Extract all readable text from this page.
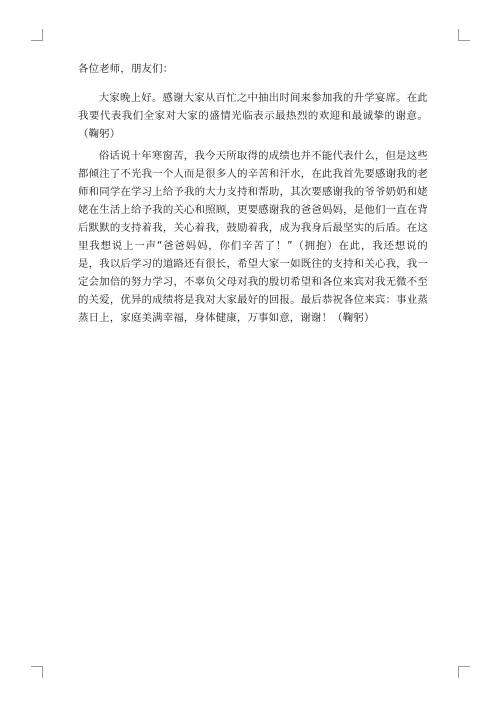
各位老师，朋友们：

大家晚上好。感谢大家从百忙之中抽出时间来参加我的升学宴席。在此我要代表我们全家对大家的盛情光临表示最热烈的欢迎和最诚挚的谢意。（鞠躬）

俗话说十年寒窗苦，我今天所取得的成绩也并不能代表什么，但是这些都倾注了不光我一个人而是很多人的辛苦和汗水，在此我首先要感谢我的老师和同学在学习上给予我的大力支持和帮助，其次要感谢我的爷爷奶奶和姥姥在生活上给予我的关心和照顾，更要感谢我的爸爸妈妈，是他们一直在背后默默的支持着我，关心着我，鼓励着我，成为我身后最坚实的后盾。在这里我想说上一声“爸爸妈妈，你们辛苦了！”（拥抱）在此，我还想说的是，我以后学习的道路还有很长，希望大家一如既往的支持和关心我，我一定会加倍的努力学习，不辜负父母对我的殷切希望和各位来宾对我无微不至的关爱，优异的成绩将是我对大家最好的回报。最后恭祝各位来宾：事业蒸蒸日上，家庭美满幸福，身体健康，万事如意，谢谢！（鞠躬）
